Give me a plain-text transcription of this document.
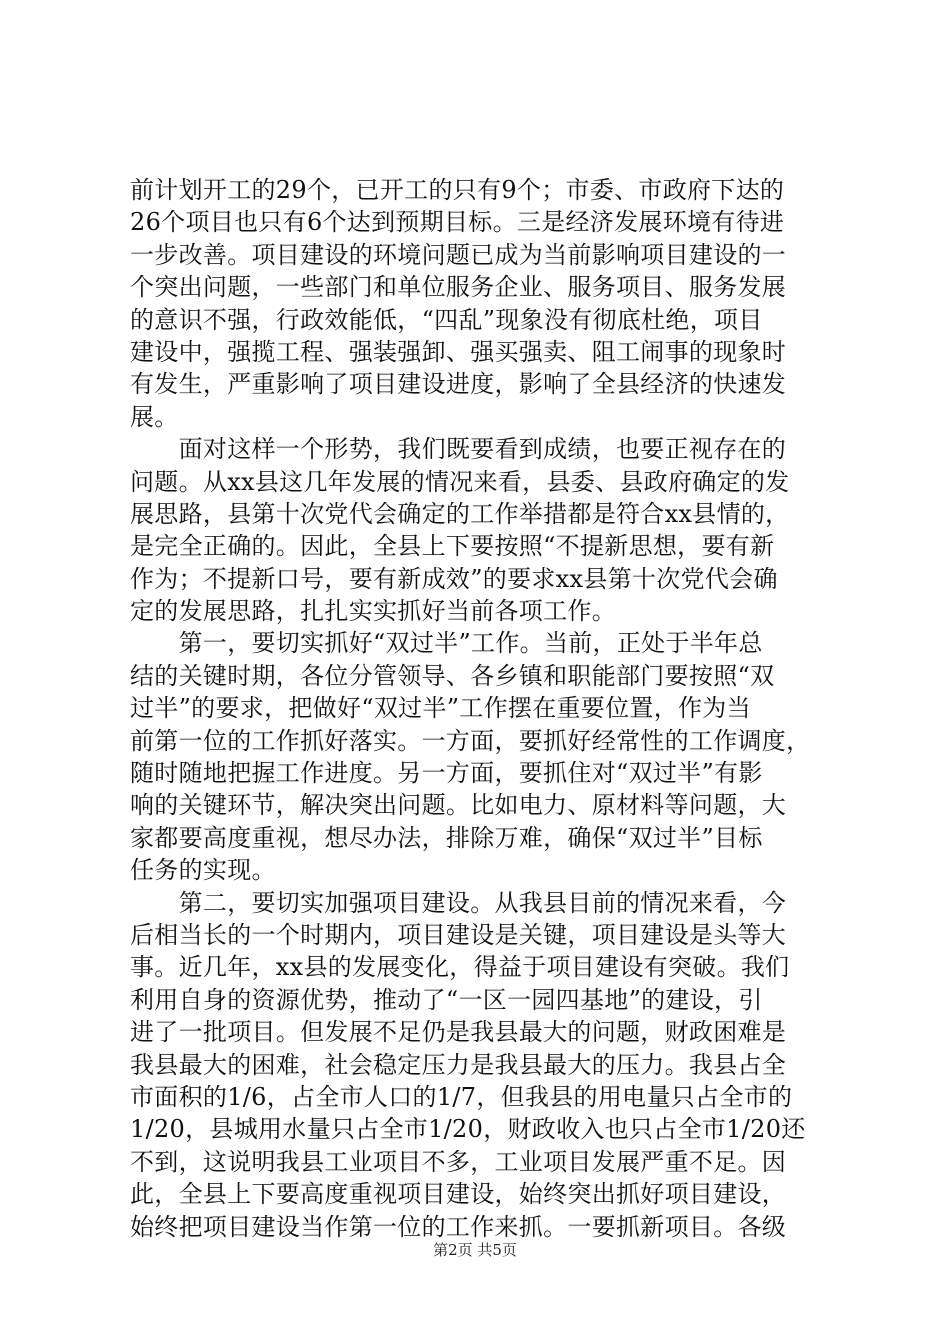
前计划开工的29个，已开工的只有9个；市委、市政府下达的
26个项目也只有6个达到预期目标。三是经济发展环境有待进
一步改善。项目建设的环境问题已成为当前影响项目建设的一
个突出问题，一些部门和单位服务企业、服务项目、服务发展
的意识不强，行政效能低，“四乱”现象没有彻底杜绝，项目
建设中，强揽工程、强装强卸、强买强卖、阻工闹事的现象时
有发生，严重影响了项目建设进度，影响了全县经济的快速发
展。
　　面对这样一个形势，我们既要看到成绩，也要正视存在的
问题。从xx县这几年发展的情况来看，县委、县政府确定的发
展思路，县第十次党代会确定的工作举措都是符合xx县情的，
是完全正确的。因此，全县上下要按照“不提新思想，要有新
作为；不提新口号，要有新成效”的要求xx县第十次党代会确
定的发展思路，扎扎实实抓好当前各项工作。
　　第一，要切实抓好“双过半”工作。当前，正处于半年总
结的关键时期，各位分管领导、各乡镇和职能部门要按照“双
过半”的要求，把做好“双过半”工作摆在重要位置，作为当
前第一位的工作抓好落实。一方面，要抓好经常性的工作调度，
随时随地把握工作进度。另一方面，要抓住对“双过半”有影
响的关键环节，解决突出问题。比如电力、原材料等问题，大
家都要高度重视，想尽办法，排除万难，确保“双过半”目标
任务的实现。
　　第二，要切实加强项目建设。从我县目前的情况来看，今
后相当长的一个时期内，项目建设是关键，项目建设是头等大
事。近几年，xx县的发展变化，得益于项目建设有突破。我们
利用自身的资源优势，推动了“一区一园四基地”的建设，引
进了一批项目。但发展不足仍是我县最大的问题，财政困难是
我县最大的困难，社会稳定压力是我县最大的压力。我县占全
市面积的1/6，占全市人口的1/7，但我县的用电量只占全市的
1/20，县城用水量只占全市1/20，财政收入也只占全市1/20还
不到，这说明我县工业项目不多，工业项目发展严重不足。因
此，全县上下要高度重视项目建设，始终突出抓好项目建设，
始终把项目建设当作第一位的工作来抓。一要抓新项目。各级
第2页 共5页
